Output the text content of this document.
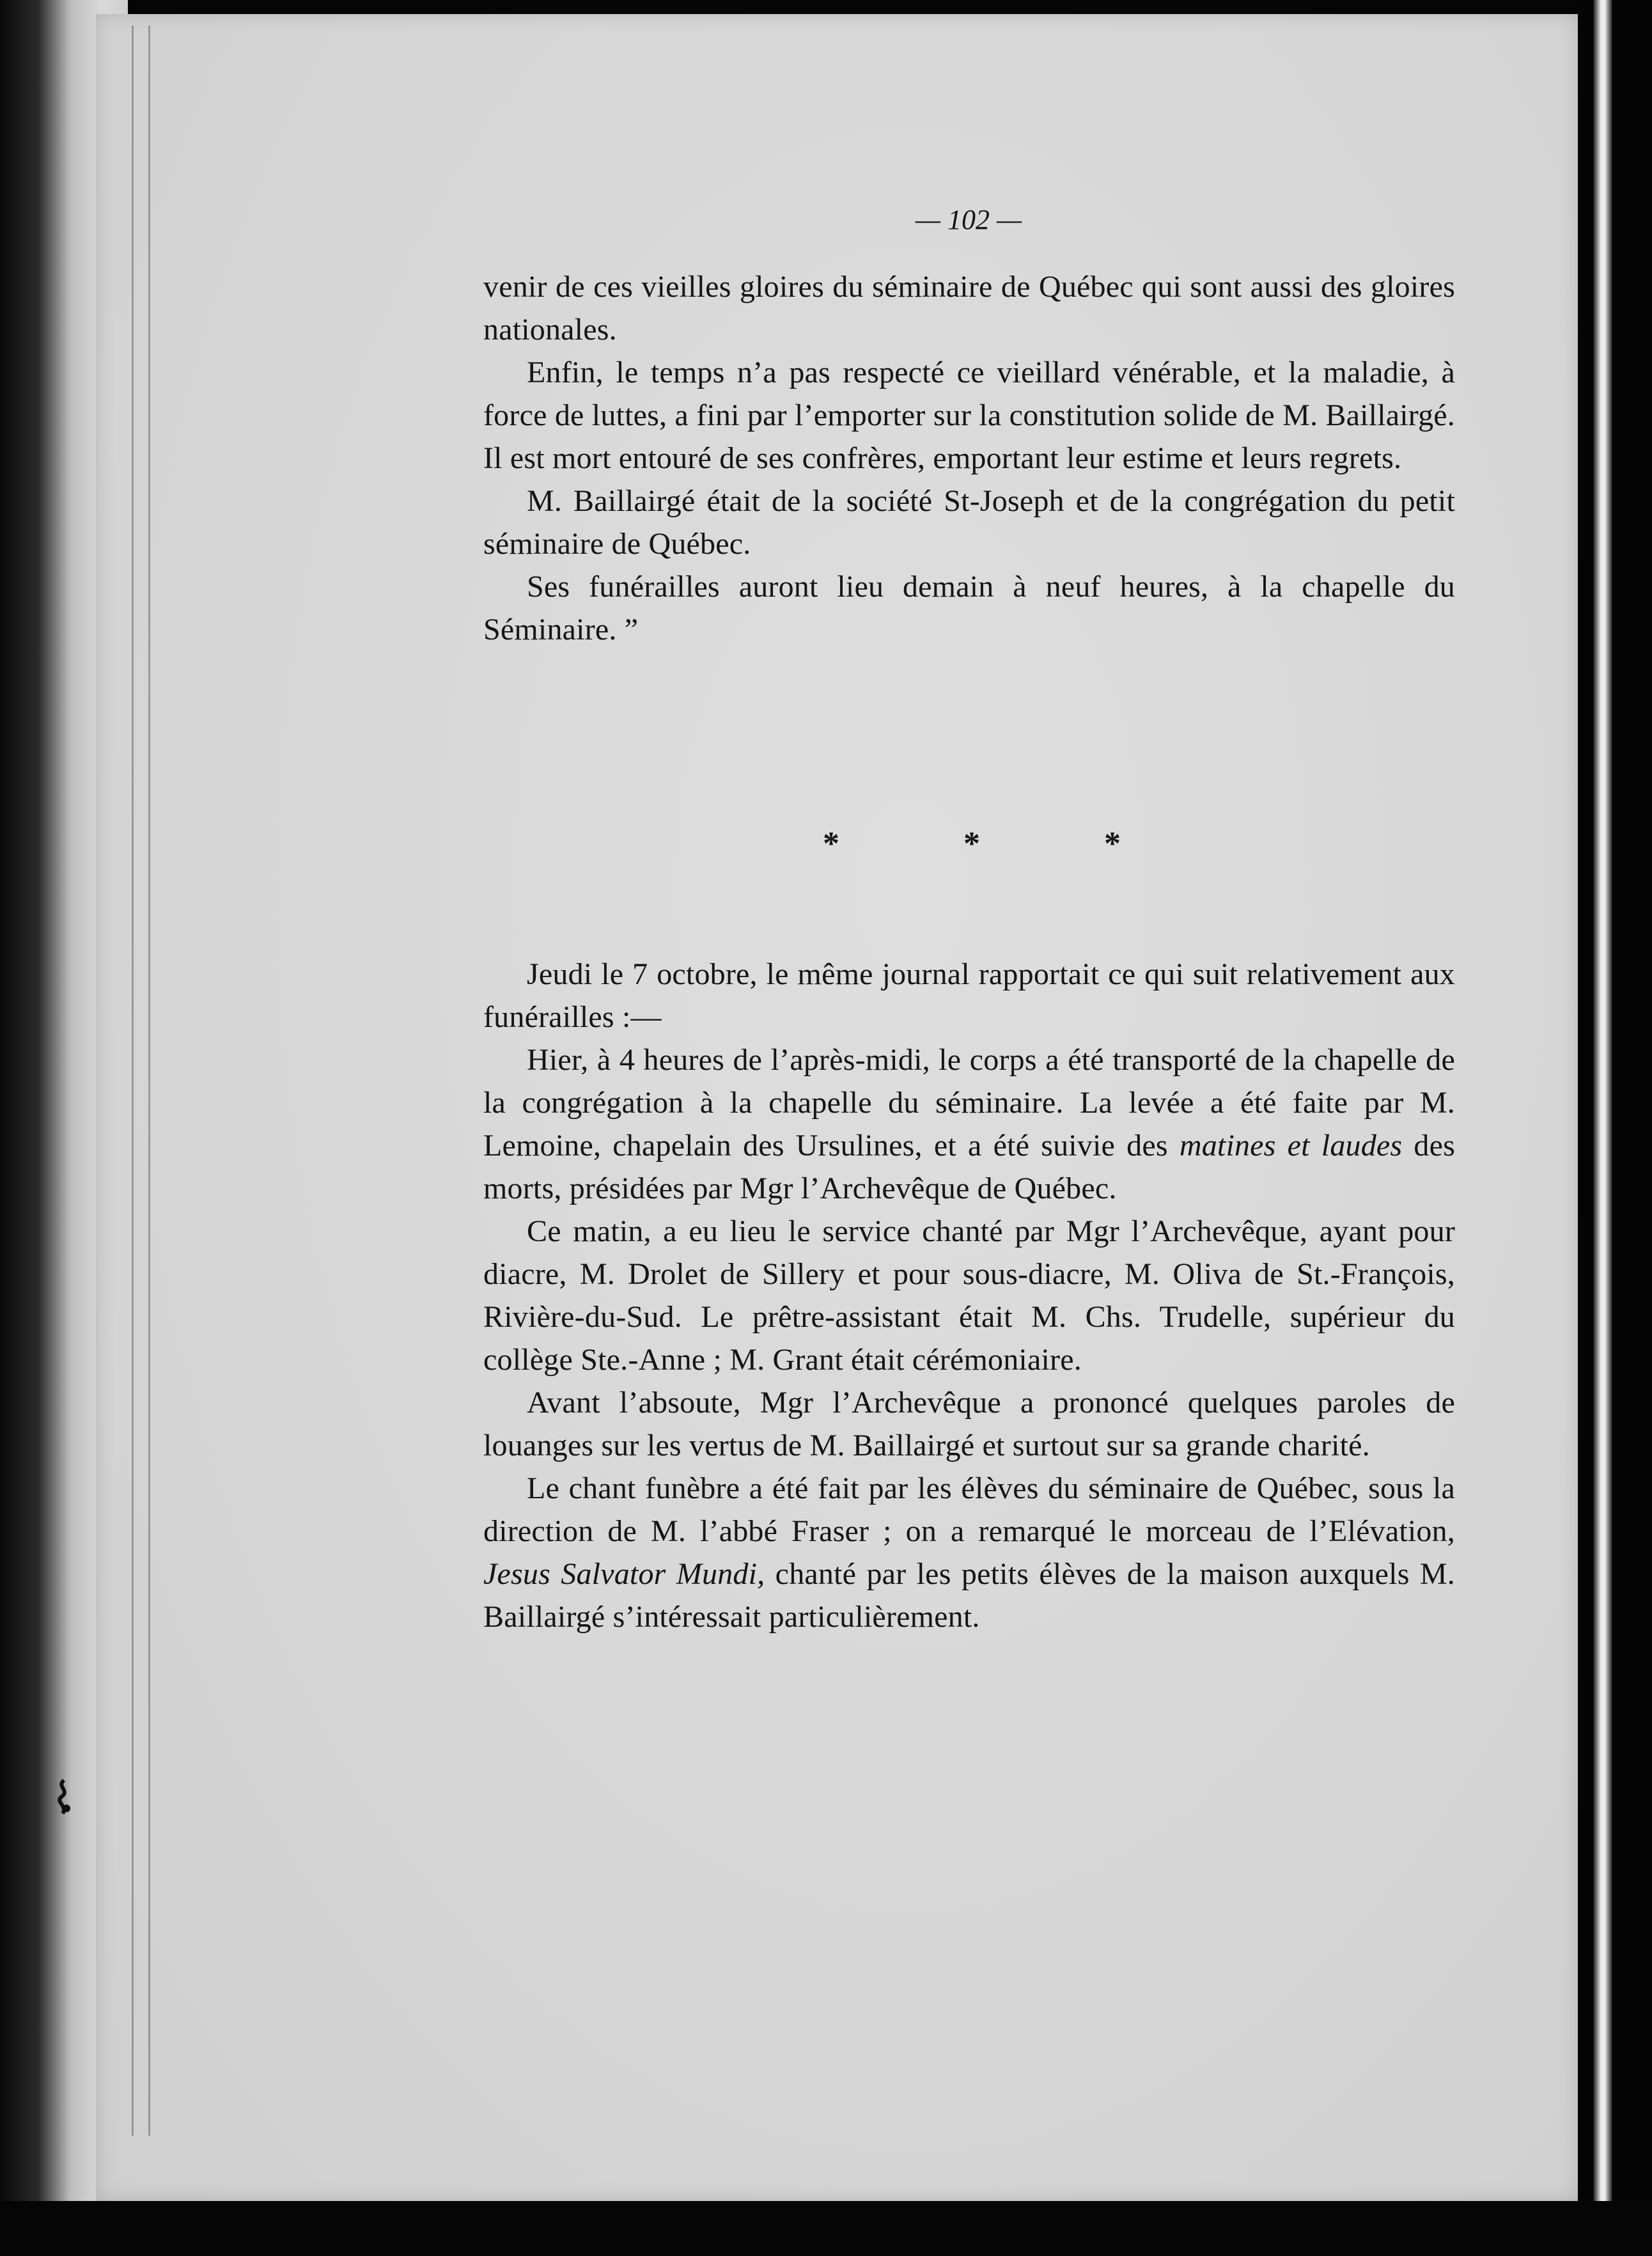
— 102 —

venir de ces vieilles gloires du séminaire de Québec qui sont aussi des gloires nationales.

Enfin, le temps n’a pas respecté ce vieillard vénérable, et la maladie, à force de luttes, a fini par l’emporter sur la constitution solide de M. Baillairgé. Il est mort entouré de ses confrères, emportant leur estime et leurs regrets.

M. Baillairgé était de la société St-Joseph et de la congrégation du petit séminaire de Québec.

Ses funérailles auront lieu demain à neuf heures, à la chapelle du Séminaire. ”

*	*	*

Jeudi le 7 octobre, le même journal rapportait ce qui suit relativement aux funérailles :—

Hier, à 4 heures de l’après-midi, le corps a été transporté de la chapelle de la congrégation à la chapelle du séminaire. La levée a été faite par M. Lemoine, chapelain des Ursulines, et a été suivie des matines et laudes des morts, présidées par Mgr l’Archevêque de Québec.

Ce matin, a eu lieu le service chanté par Mgr l’Archevêque, ayant pour diacre, M. Drolet de Sillery et pour sous-diacre, M. Oliva de St.-François, Rivière-du-Sud. Le prêtre-assistant était M. Chs. Trudelle, supérieur du collège Ste.-Anne ; M. Grant était cérémoniaire.

Avant l’absoute, Mgr l’Archevêque a prononcé quelques paroles de louanges sur les vertus de M. Baillairgé et surtout sur sa grande charité.

Le chant funèbre a été fait par les élèves du séminaire de Québec, sous la direction de M. l’abbé Fraser ; on a remarqué le morceau de l’Elévation, Jesus Salvator Mundi, chanté par les petits élèves de la maison auxquels M. Baillairgé s’intéressait particulièrement.
